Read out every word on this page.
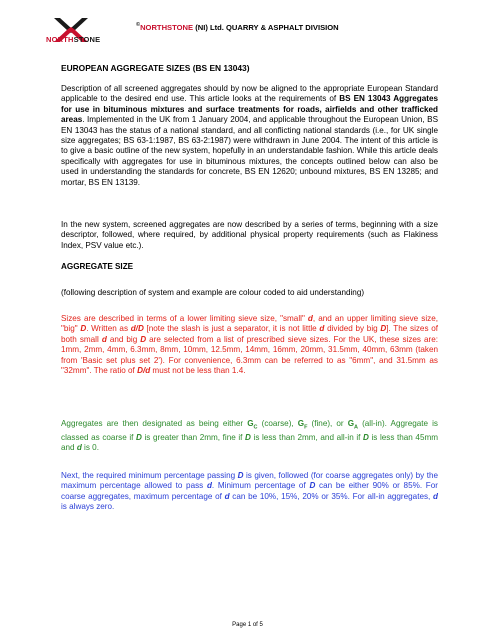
NORTHSTONE
©NORTHSTONE (NI) Ltd. QUARRY & ASPHALT DIVISION
EUROPEAN AGGREGATE SIZES (BS EN 13043)
Description of all screened aggregates should by now be aligned to the appropriate European Standard applicable to the desired end use. This article looks at the requirements of BS EN 13043 Aggregates for use in bituminous mixtures and surface treatments for roads, airfields and other trafficked areas. Implemented in the UK from 1 January 2004, and applicable throughout the European Union, BS EN 13043 has the status of a national standard, and all conflicting national standards (i.e., for UK single size aggregates; BS 63-1:1987, BS 63-2:1987) were withdrawn in June 2004. The intent of this article is to give a basic outline of the new system, hopefully in an understandable fashion. While this article deals specifically with aggregates for use in bituminous mixtures, the concepts outlined below can also be used in understanding the standards for concrete, BS EN 12620; unbound mixtures, BS EN 13285; and mortar, BS EN 13139.
In the new system, screened aggregates are now described by a series of terms, beginning with a size descriptor, followed, where required, by additional physical property requirements (such as Flakiness Index, PSV value etc.).
AGGREGATE SIZE
(following description of system and example are colour coded to aid understanding)
Sizes are described in terms of a lower limiting sieve size, "small" d, and an upper limiting sieve size, "big" D. Written as d/D [note the slash is just a separator, it is not little d divided by big D]. The sizes of both small d and big D are selected from a list of prescribed sieve sizes. For the UK, these sizes are: 1mm, 2mm, 4mm, 6.3mm, 8mm, 10mm, 12.5mm, 14mm, 16mm, 20mm, 31.5mm, 40mm, 63mm (taken from 'Basic set plus set 2'). For convenience, 6.3mm can be referred to as "6mm", and 31.5mm as "32mm". The ratio of D/d must not be less than 1.4.
Aggregates are then designated as being either $G_C$ (coarse), $G_F$ (fine), or $G_A$ (all-in). Aggregate is classed as coarse if D is greater than 2mm, fine if D is less than 2mm, and all-in if D is less than 45mm and d is 0.
Next, the required minimum percentage passing D is given, followed (for coarse aggregates only) by the maximum percentage allowed to pass d. Minimum percentage of D can be either 90% or 85%. For coarse aggregates, maximum percentage of d can be 10%, 15%, 20% or 35%. For all-in aggregates, d is always zero.
Page 1 of 5
